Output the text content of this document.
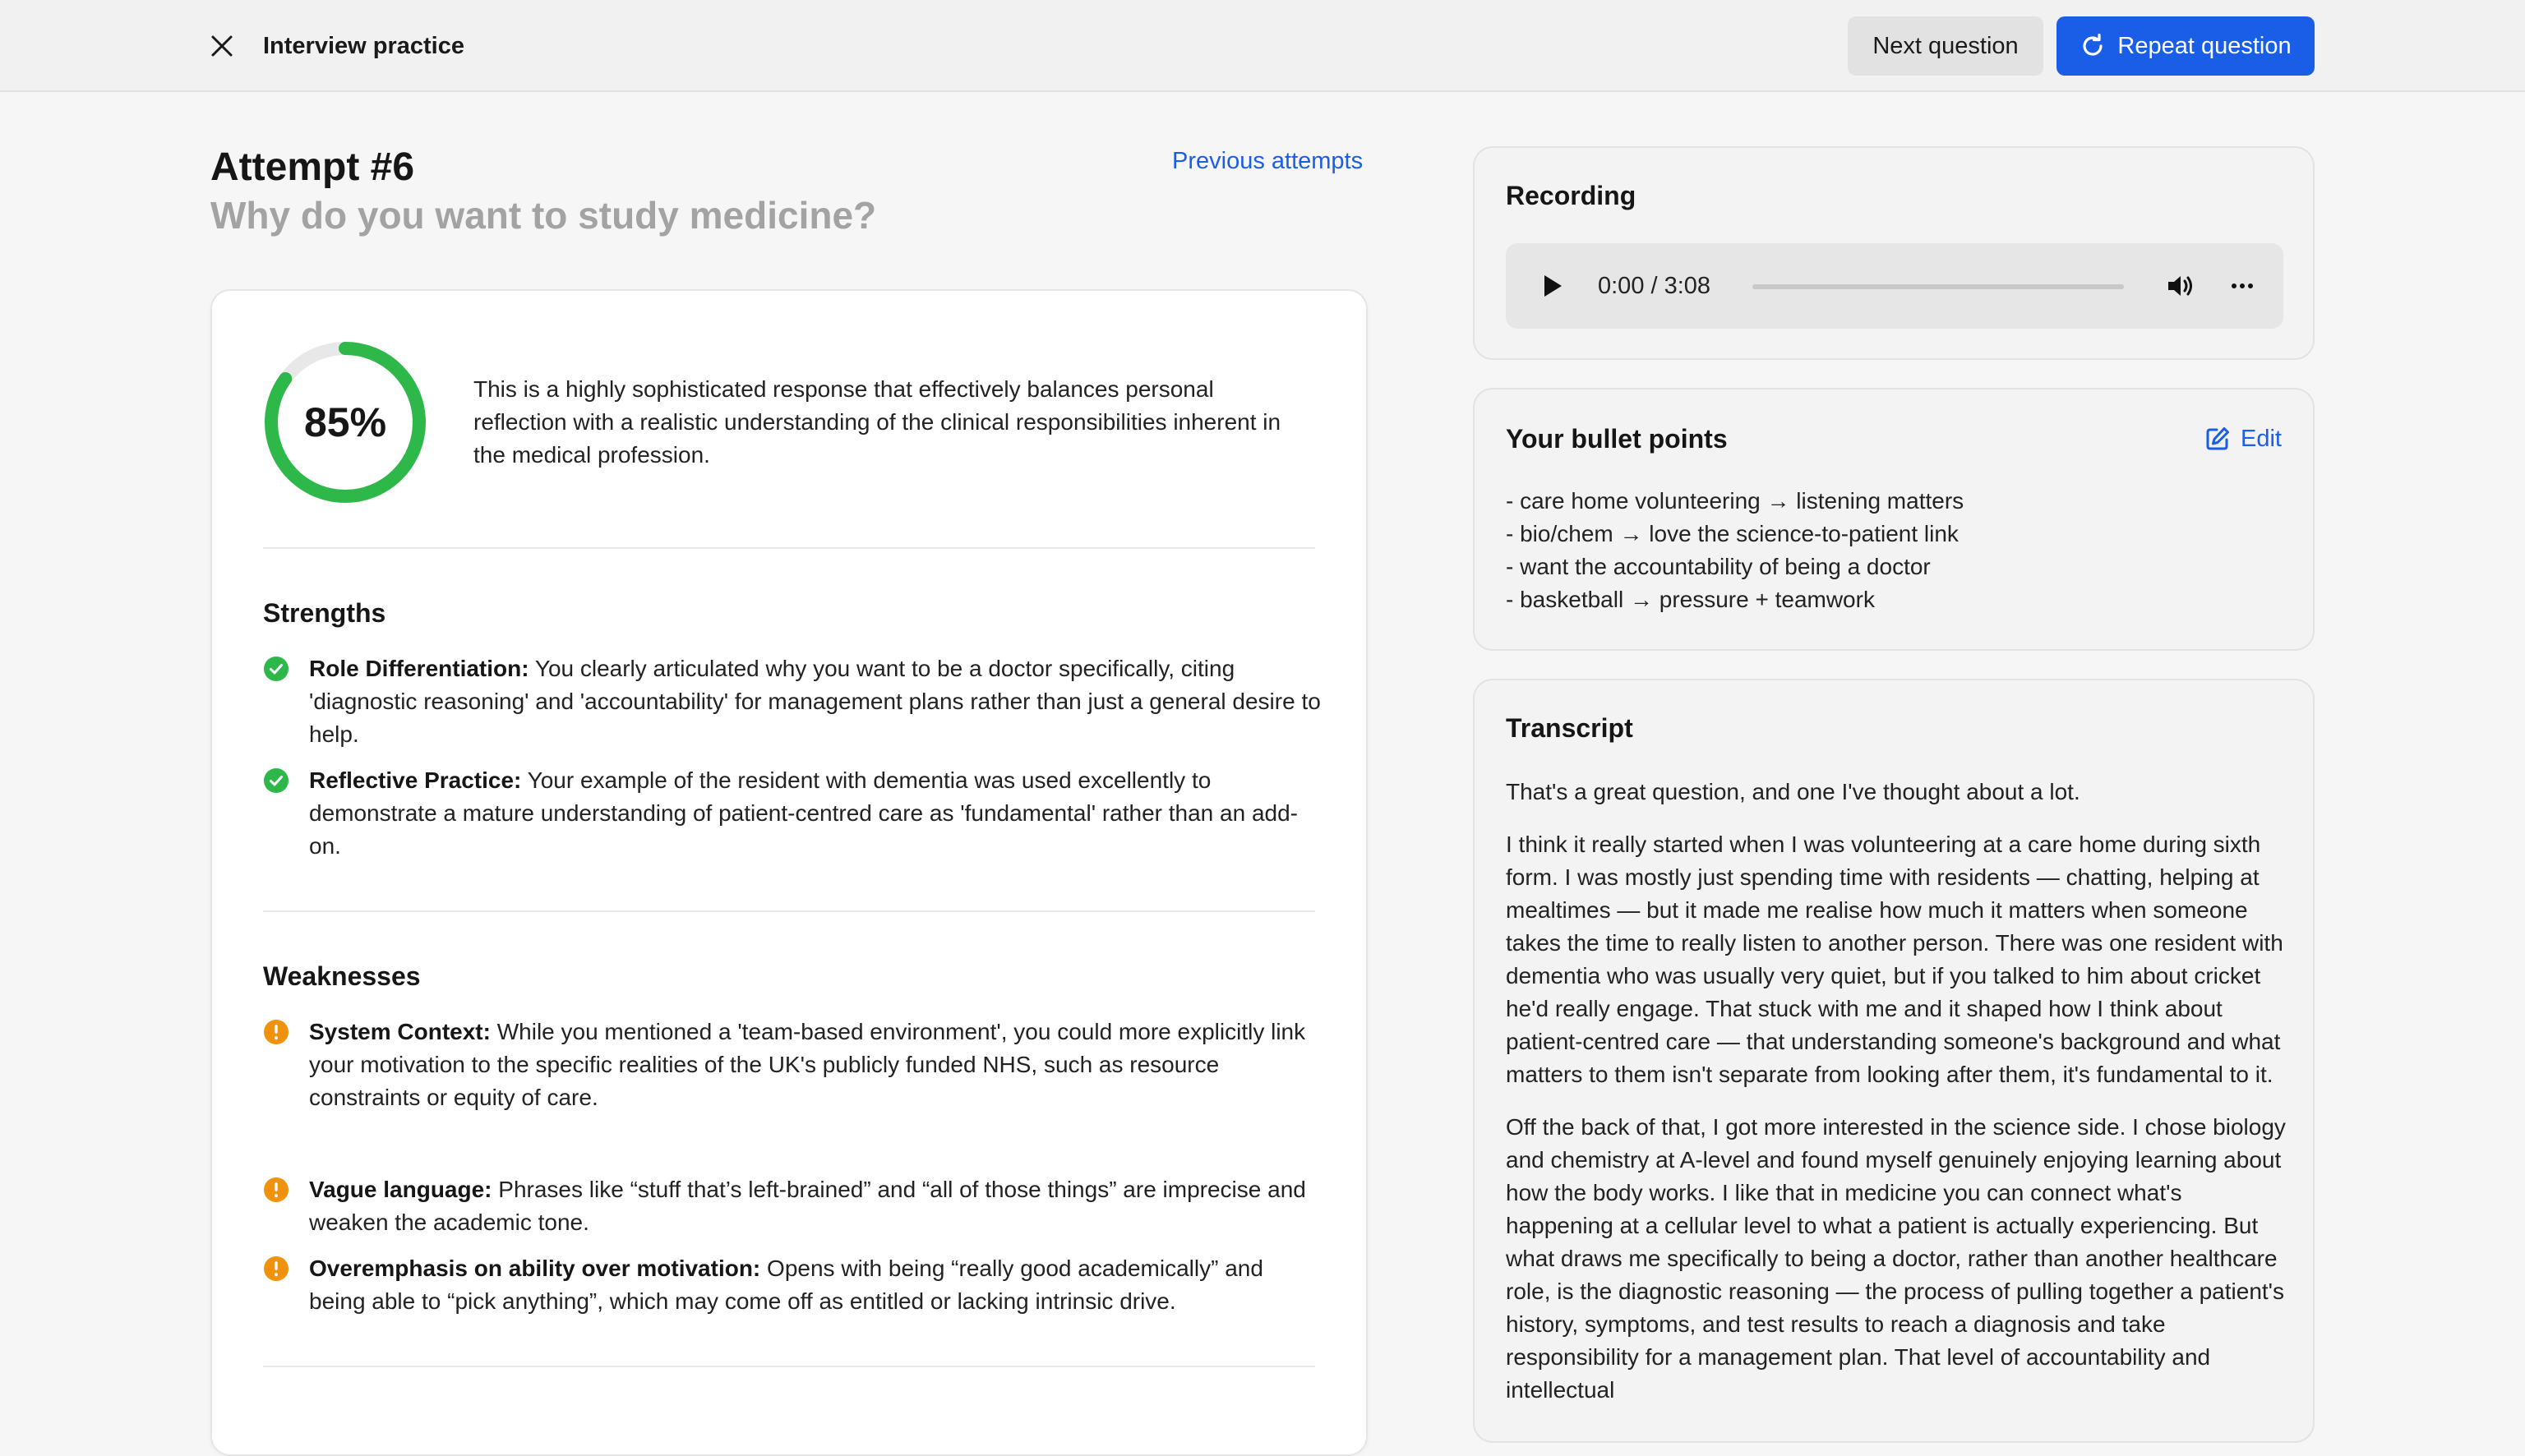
Interview practice	Next question	Repeat question
Attempt #6
Why do you want to study medicine?
Previous attempts
85%
This is a highly sophisticated response that effectively balances personal reflection with a realistic understanding of the clinical responsibilities inherent in the medical profession.
Strengths
Role Differentiation: You clearly articulated why you want to be a doctor specifically, citing 'diagnostic reasoning' and 'accountability' for management plans rather than just a general desire to help.
Reflective Practice: Your example of the resident with dementia was used excellently to demonstrate a mature understanding of patient-centred care as 'fundamental' rather than an add-on.
Weaknesses
System Context: While you mentioned a 'team-based environment', you could more explicitly link your motivation to the specific realities of the UK's publicly funded NHS, such as resource constraints or equity of care.
Vague language: Phrases like “stuff that’s left-brained” and “all of those things” are imprecise and weaken the academic tone.
Overemphasis on ability over motivation: Opens with being “really good academically” and being able to “pick anything”, which may come off as entitled or lacking intrinsic drive.
Recording
0:00 / 3:08
Your bullet points	Edit
- care home volunteering → listening matters
- bio/chem → love the science-to-patient link
- want the accountability of being a doctor
- basketball → pressure + teamwork
Transcript

That's a great question, and one I've thought about a lot.

I think it really started when I was volunteering at a care home during sixth form. I was mostly just spending time with residents — chatting, helping at mealtimes — but it made me realise how much it matters when someone takes the time to really listen to another person. There was one resident with dementia who was usually very quiet, but if you talked to him about cricket he'd really engage. That stuck with me and it shaped how I think about patient-centred care — that understanding someone's background and what matters to them isn't separate from looking after them, it's fundamental to it.

Off the back of that, I got more interested in the science side. I chose biology and chemistry at A-level and found myself genuinely enjoying learning about how the body works. I like that in medicine you can connect what's happening at a cellular level to what a patient is actually experiencing. But what draws me specifically to being a doctor, rather than another healthcare role, is the diagnostic reasoning — the process of pulling together a patient's history, symptoms, and test results to reach a diagnosis and take responsibility for a management plan. That level of accountability and intellectual
